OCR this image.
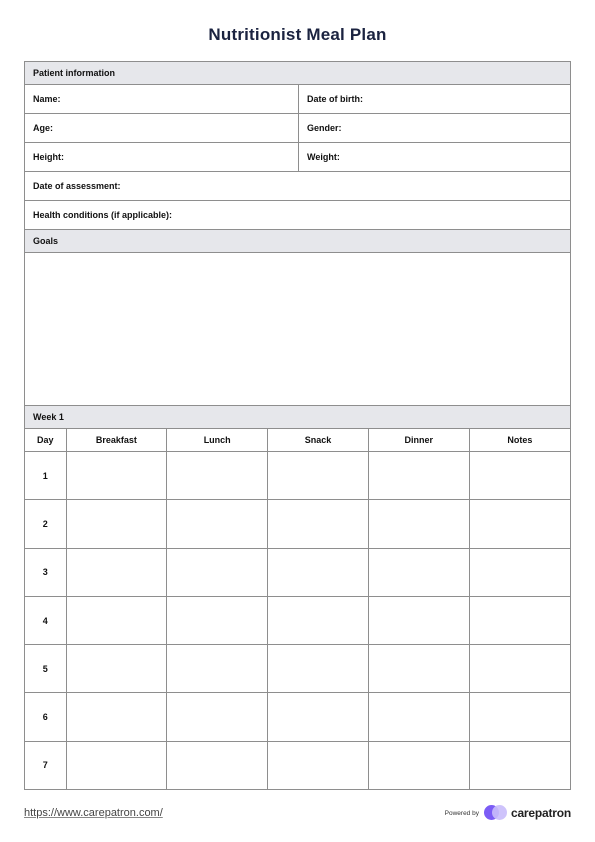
Nutritionist Meal Plan
Patient information
Name:	Date of birth:
Age:	Gender:
Height:	Weight:
Date of assessment:
Health conditions (if applicable):
Goals
Week 1
Day	Breakfast	Lunch	Snack	Dinner	Notes
1					
2					
3					
4					
5					
6					
7					
https://www.carepatron.com/	Powered by	carepatron
